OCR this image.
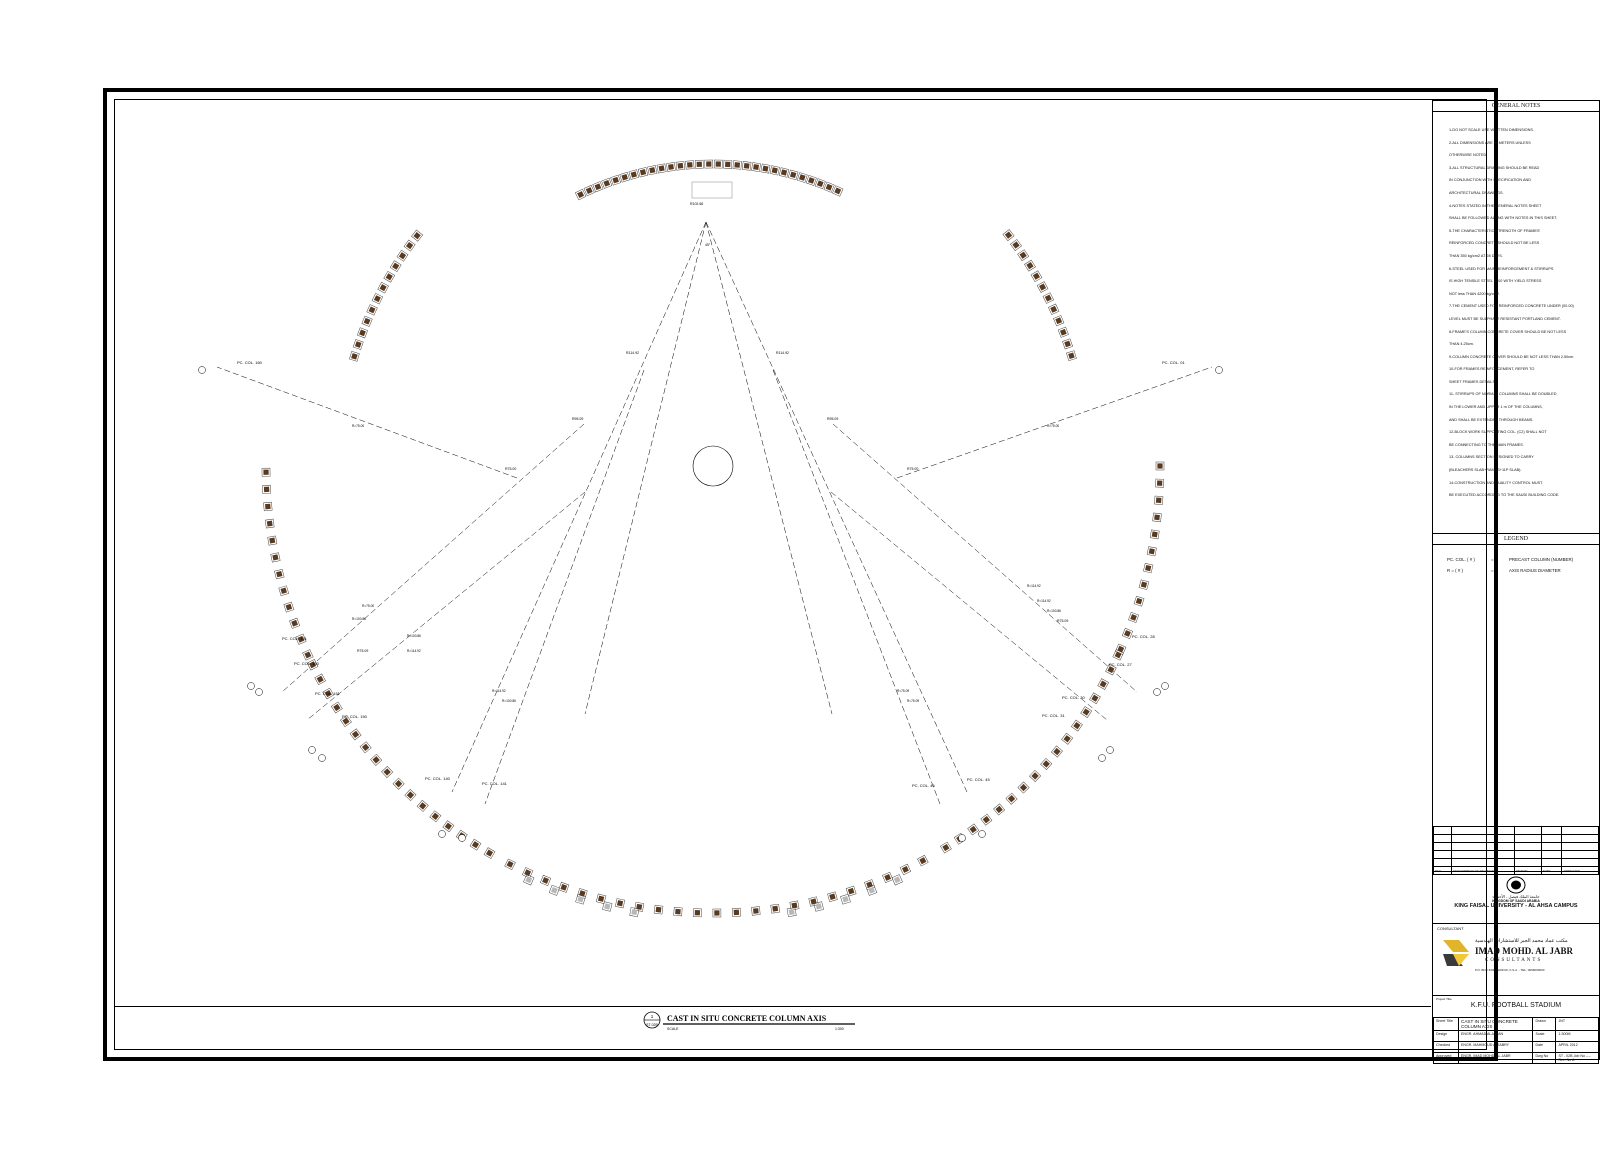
R102.66
R114.92	R114.92
R95.09	R95.09
R75.00	R75.00
R75.09
R75.09
45°
R=75.00	R=75.00
R=75.00
R=100.86
R=114.92
R=114.92
R=100.86
R=75.09
R=75.09
R=114.92
R=114.92
R=100.86
R=100.86
PC. COL. 160	PC. COL. 01
PC. COL. 161
PC. COL. 160
PC. COL. 151
PC. COL. 150
PC. COL. 140
PC. COL. 141	PC. COL. 46
PC. COL. 45
PC. COL. 28
PC. COL. 27
PC. COL. 31
PC. COL. 30
1
ST-02B
CAST IN SITU CONCRETE COLUMN AXIS
SCALE	1:300
GENERAL NOTES
1-DO NOT SCALE USE WRITTEN DIMENSIONS.
2-ALL DIMENSIONS ARE IN METERS UNLESS
OTHERWISE NOTED.
3-ALL STRUCTURAL DRAWING SHOULD BE READ
IN CONJUNCTION WITH SPECIFICATION AND
ARCHITECTURAL DRAWINGS.
4-NOTES STATED IN THE GENERAL NOTES SHEET
SHALL BE FOLLOWED ALONG WITH NOTES IN THIS SHEET.
5-THE CHARACTERISTIC STRENGTH OF FRAMES'
REINFORCED CONCRETE SHOULD NOT BE LESS
THAN 350 kg/cm2 AT 28 DAYS.
6-STEEL USED FOR MAIN REINFORCEMENT & STIRRUPS
IS HIGH TENSILE STEEL 4200 WITH YIELD STRESS
NOT less THAN 4200 kg/cm2.
7-THE CEMENT USED FOR REINFORCED CONCRETE UNDER (00.00)
LEVEL MUST BE SULPHATE RESISTANT PORTLAND CEMENT.
8-FRAME'S COLUMN CONCRETE COVER SHOULD BE NOT LESS
THAN 4.25cm.
9-COLUMN CONCRETE COVER SHOULD BE NOT LESS THAN 2.50cm.
10-FOR FRAMES REINFORCEMENT, REFER TO
SHEET FRAMES DETAILS.
11- STIRRUPS OF NORMAL COLUMNS SHALL BE DOUBLED
IN THE LOWER AND UPPER 1 m OF THE COLUMNS,
AND SHALL BE EXTENDED THROUGH BEAMS.
12-BLOCK WORK SUPPORTING COL. (C2) SHALL NOT
BE CONNECTING TO THE MAIN FRAMES.
13- COLUMNS SECTION DESIGNED TO CARRY
(BLEACHERS SLAB+RAMPS+11P SLAB).
14-CONSTRUCTION AND QUALITY CONTROL MUST
BE EXECUTED ACCORDING TO THE SAUDI BUILDING CODE.
LEGEND
PC. COL. ( # )	=	PRECAST COLUMN (NUMBER)
R = ( # )	=	AXIS RADIUS DIAMETER

REV.	DESCRIPTION OF REVISION	DRAWN	DATE	APPROVED
جامعة الملك فيصل - الأحساء
KINGDOM OF SAUDI ARABIA
KING FAISAL UNIVERSITY - AL AHSA CAMPUS
CONSULTANT
مكتب عماد محمد الجبر للاستشارات الهندسية
IMAD MOHD. AL JABR
CONSULTANTS
P.O. BOX 63000 HOFUF, K.S.A. - TEL: 0096000000
Project Title
K.F.U. FOOTBALL STADIUM
Sheet Title	CAST IN SITU CONCRETE COLUMN AXIS	Drawn	JNT
Design	ENGR. AHMAD ALJADAN	Scale	1:300M
Checked	ENGR. MAHMOUD ALJABRY	Date	APRIL 2012
Approved	ENGR. IMAD MOHD. AL JABR	Dwg No	ST - 02B Job No ---- Rev. No A
